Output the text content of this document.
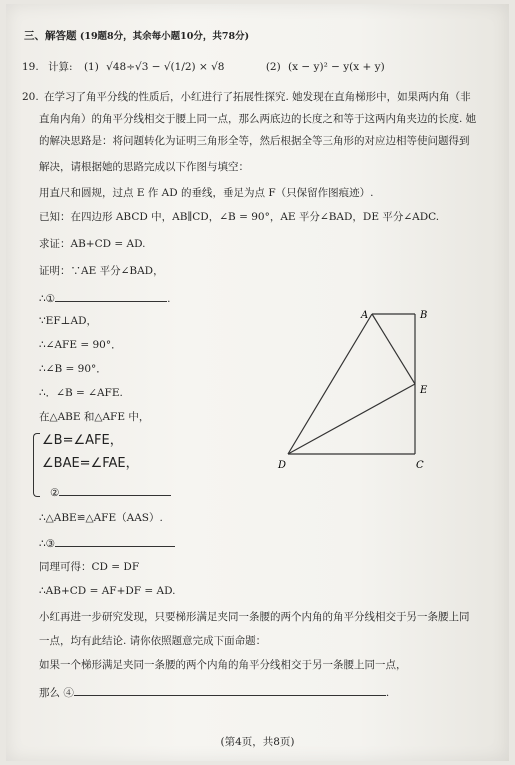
三、解答题 (19题8分，其余每小题10分，共78分)
19. 计算: (1) √48÷√3 − √(1/2) × √8	(2) (x − y)² − y(x + y)
20. 在学习了角平分线的性质后，小红进行了拓展性探究. 她发现在直角梯形中，如果两内角（非
直角内角）的角平分线相交于腰上同一点，那么两底边的长度之和等于这两内角夹边的长度. 她
的解决思路是：将问题转化为证明三角形全等，然后根据全等三角形的对应边相等使问题得到
解决，请根据她的思路完成以下作图与填空：
用直尺和圆规，过点 E 作 AD 的垂线，垂足为点 F（只保留作图痕迹）.
已知：在四边形 ABCD 中，AB∥CD，∠B = 90°，AE 平分∠BAD，DE 平分∠ADC.
求证：AB+CD = AD.
证明：∵AE 平分∠BAD，
∴①	.
∵EF⊥AD，
∴∠AFE = 90°．
∴∠B = 90°．
∴．∠B = ∠AFE.
在△ABE 和△AFE 中，
∠B=∠AFE，
∠BAE=∠FAE，
②
∴△ABE≌△AFE（AAS）.
∴③
同理可得：CD = DF
∴AB+CD = AF+DF = AD.
小红再进一步研究发现，只要梯形满足夹同一条腰的两个内角的角平分线相交于另一条腰上同
一点，均有此结论. 请你依照题意完成下面命题：
如果一个梯形满足夹同一条腰的两个内角的角平分线相交于另一条腰上同一点，
那么 ④	.
A	B
E
D	C
(第4页，共8页)
